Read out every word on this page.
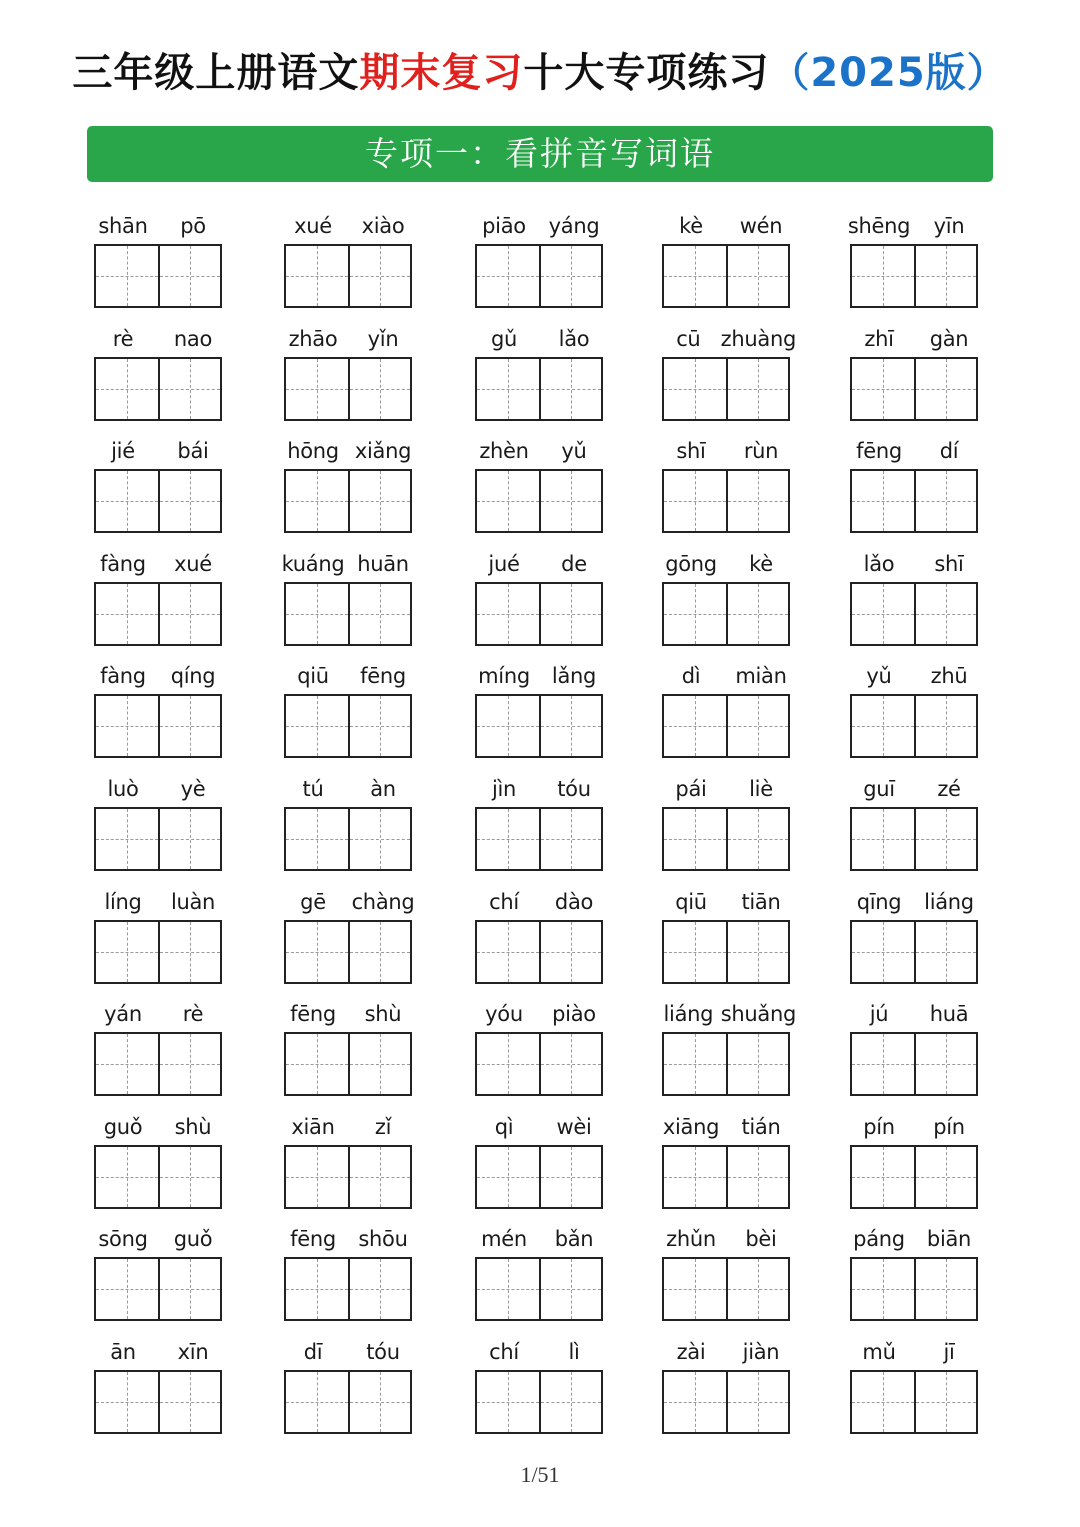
三年级上册语文期末复习十大专项练习（2025版）
专项一：看拼音写词语
shān	pō	xué	xiào	piāo	yáng	kè	wén	shēng	yīn
rè	nao	zhāo	yǐn	gǔ	lǎo	cū zhuàng	zhī	gàn
jié	bái	hōng xiǎng	zhèn	yǔ	shī	rùn	fēng	dí
fàng	xué	kuáng huān	jué	de	gōng	kè	lǎo	shī
fàng	qíng	qiū	fēng	míng	lǎng	dì	miàn	yǔ	zhū
luò	yè	tú	àn	jìn	tóu	pái	liè	guī	zé
líng	luàn	gē	chàng	chí	dào	qiū	tiān	qīng	liáng
yán	rè	fēng	shù	yóu	piào	liáng shuǎng	jú	huā
guǒ	shù	xiān	zǐ	qì	wèi	xiāng	tián	pín	pín
sōng	guǒ	fēng	shōu	mén	bǎn	zhǔn	bèi	páng	biān
ān	xīn	dī	tóu	chí	lì	zài	jiàn	mǔ	jī
1/51
